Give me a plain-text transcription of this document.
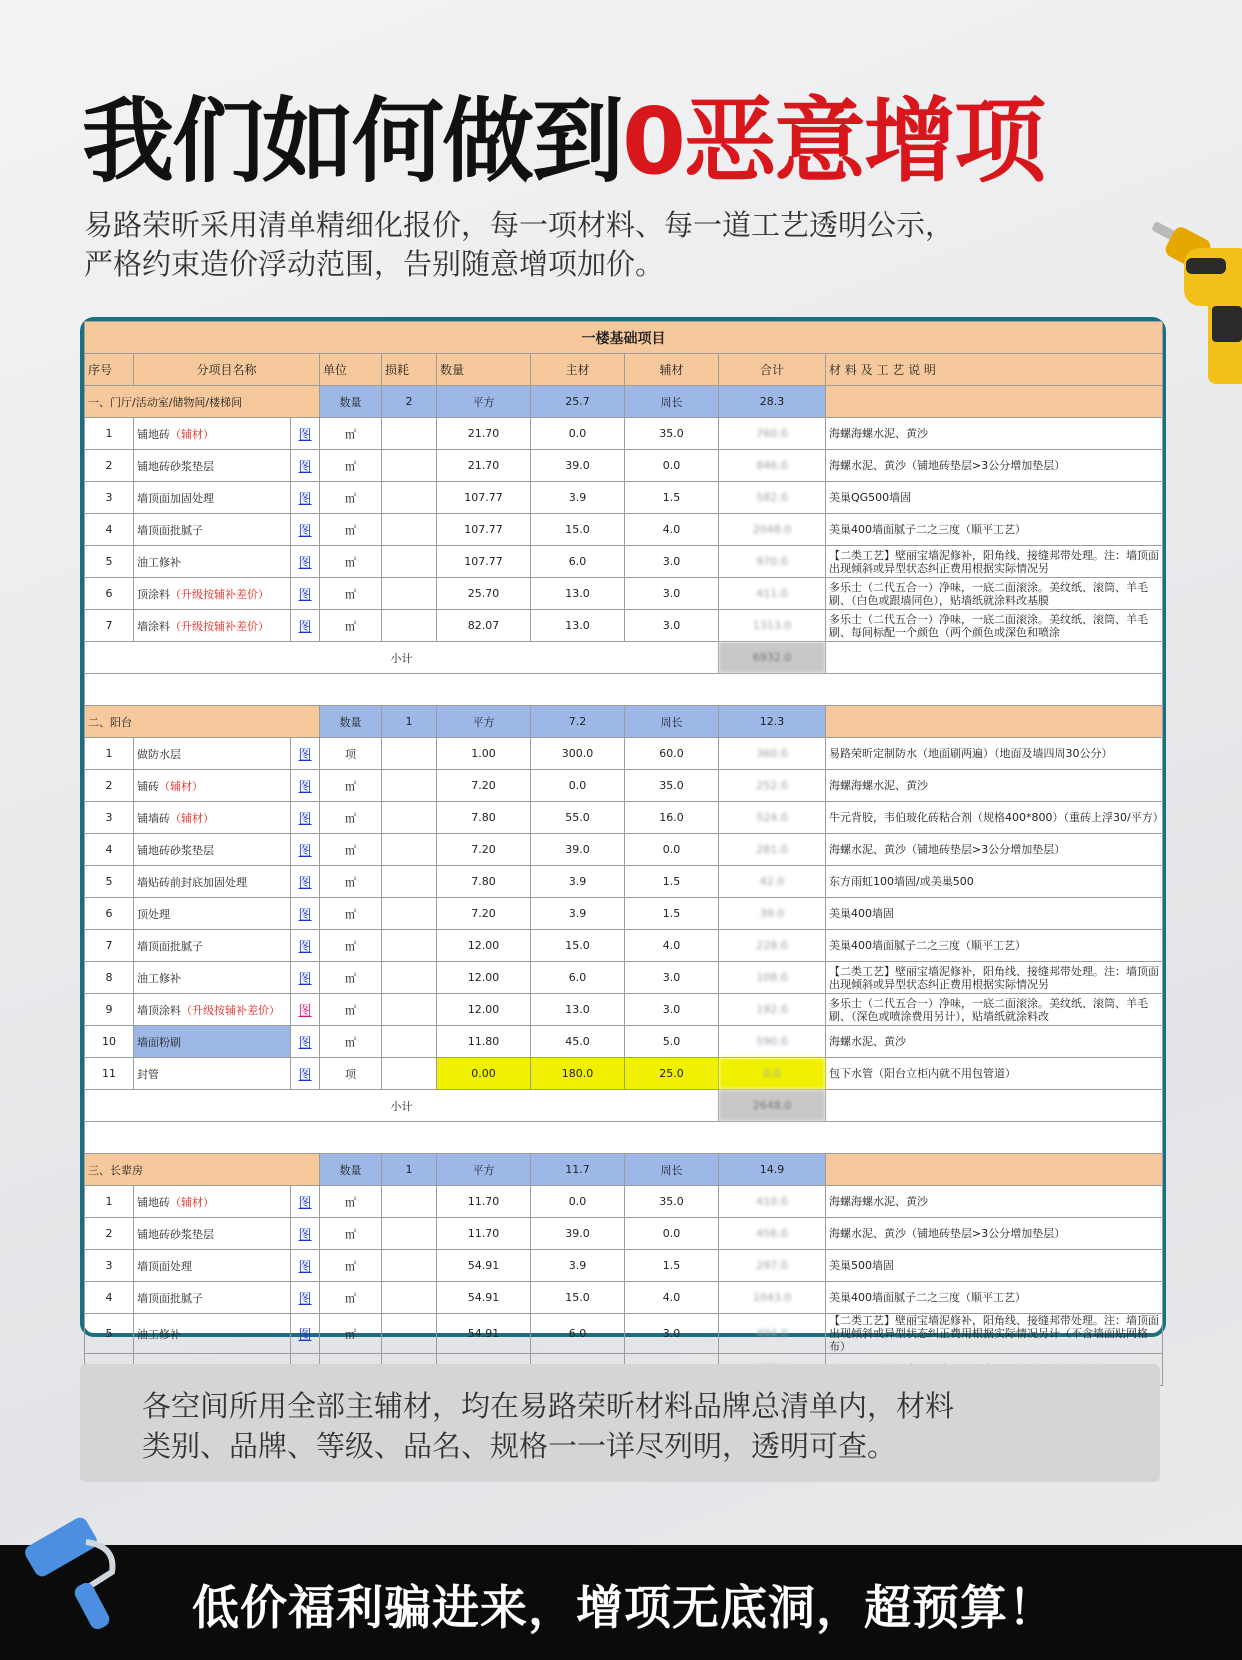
我们如何做到0恶意增项
易路荣昕采用清单精细化报价，每一项材料、每一道工艺透明公示，
严格约束造价浮动范围，告别随意增项加价。
一楼基础项目									
序号	分项目名称		单位	损耗	数量	主材	辅材	合计	材 料 及 工 艺 说 明
一、门厅/活动室/储物间/楼梯间			数量	2	平方	25.7	周长	28.3	
1	铺地砖（辅材）	图	㎡		21.70	0.0	35.0	760.0	海螺海螺水泥、黄沙
2	铺地砖砂浆垫层	图	㎡		21.70	39.0	0.0	846.0	海螺水泥、黄沙（铺地砖垫层>3公分增加垫层）
3	墙顶面加固处理	图	㎡		107.77	3.9	1.5	582.0	美巢QG500墙固
4	墙顶面批腻子	图	㎡		107.77	15.0	4.0	2048.0	美巢400墙面腻子二之三度（顺平工艺）
5	油工修补	图	㎡		107.77	6.0	3.0	970.0	【二类工艺】壁丽宝墙泥修补，阳角线、接缝邦带处理。注：墙顶面出现倾斜或异型状态纠正费用根据实际情况另
6	顶涂料（升级按辅补差价）	图	㎡		25.70	13.0	3.0	411.0	多乐士（二代五合一）净味，一底二面滚涂。美纹纸、滚筒、羊毛刷、（白色或跟墙同色），贴墙纸就涂料改基膜
7	墙涂料（升级按辅补差价）	图	㎡		82.07	13.0	3.0	1313.0	多乐士（二代五合一）净味，一底二面滚涂。美纹纸、滚筒、羊毛刷、每间标配一个颜色（两个颜色或深色和喷涂
小计								6932.0	

二、阳台			数量	1	平方	7.2	周长	12.3	
1	做防水层	图	项		1.00	300.0	60.0	360.0	易路荣昕定制防水（地面刷两遍）（地面及墙四周30公分）
2	铺砖（辅材）	图	㎡		7.20	0.0	35.0	252.0	海螺海螺水泥、黄沙
3	铺墙砖（辅材）	图	㎡		7.80	55.0	16.0	524.0	牛元背胶，韦伯玻化砖粘合剂（规格400*800）（重砖上浮30/平方）
4	铺地砖砂浆垫层	图	㎡		7.20	39.0	0.0	281.0	海螺水泥、黄沙（铺地砖垫层>3公分增加垫层）
5	墙贴砖前封底加固处理	图	㎡		7.80	3.9	1.5	42.0	东方雨虹100墙固/或美巢500
6	顶处理	图	㎡		7.20	3.9	1.5	39.0	美巢400墙固
7	墙顶面批腻子	图	㎡		12.00	15.0	4.0	228.0	美巢400墙面腻子二之三度（顺平工艺）
8	油工修补	图	㎡		12.00	6.0	3.0	108.0	【二类工艺】壁丽宝墙泥修补，阳角线、接缝邦带处理。注：墙顶面出现倾斜或异型状态纠正费用根据实际情况另
9	墙顶涂料（升级按辅补差价）	图	㎡		12.00	13.0	3.0	192.0	多乐士（二代五合一）净味，一底二面滚涂。美纹纸、滚筒、羊毛刷、（深色或喷涂费用另计），贴墙纸就涂料改
10	墙面粉刷	图	㎡		11.80	45.0	5.0	590.0	海螺水泥、黄沙
11	封管	图	项		0.00	180.0	25.0	0.0	包下水管（阳台立柜内就不用包管道）
小计								2648.0	

三、长辈房			数量	1	平方	11.7	周长	14.9	
1	铺地砖（辅材）	图	㎡		11.70	0.0	35.0	410.0	海螺海螺水泥、黄沙
2	铺地砖砂浆垫层	图	㎡		11.70	39.0	0.0	456.0	海螺水泥、黄沙（铺地砖垫层>3公分增加垫层）
3	墙顶面处理	图	㎡		54.91	3.9	1.5	297.0	美巢500墙固
4	墙顶面批腻子	图	㎡		54.91	15.0	4.0	1043.0	美巢400墙面腻子二之三度（顺平工艺）
5	油工修补	图	㎡		54.91	6.0	3.0	494.0	【二类工艺】壁丽宝墙泥修补，阳角线、接缝邦带处理。注：墙顶面出现倾斜或异型状态纠正费用根据实际情况另计（不含墙面贴网格布）

各空间所用全部主辅材，均在易路荣昕材料品牌总清单内，材料
类别、品牌、等级、品名、规格一一详尽列明，透明可查。
低价福利骗进来，增项无底洞，超预算！
